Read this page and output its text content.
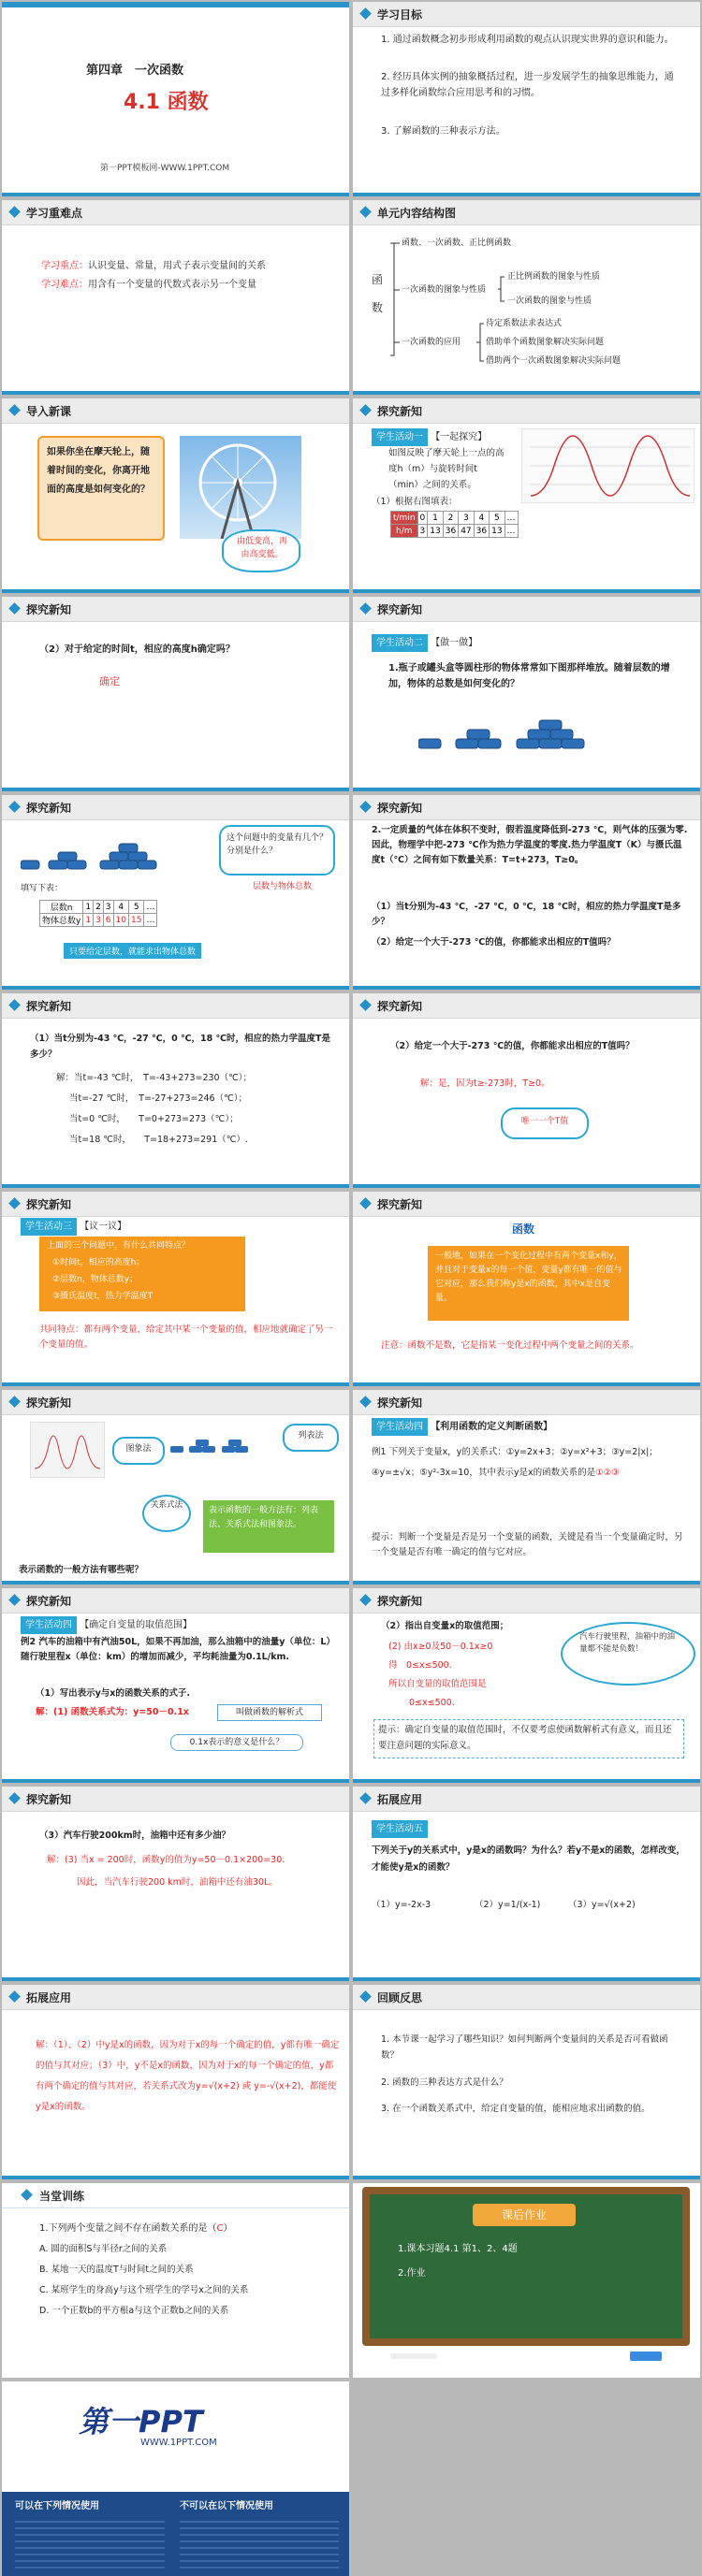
第四章　一次函数
4.1 函数
第一PPT模板网-WWW.1PPT.COM
学习目标
1. 通过函数概念初步形成利用函数的观点认识现实世界的意识和能力。
2. 经历具体实例的抽象概括过程，进一步发展学生的抽象思维能力，通过多样化函数综合应用思考和的习惯。
3. 了解函数的三种表示方法。
学习重难点
学习重点：认识变量、常量，用式子表示变量间的关系
学习难点：用含有一个变量的代数式表示另一个变量
单元内容结构图
函数
函数、一次函数、正比例函数
一次函数的图象与性质
正比例函数的图象与性质
一次函数的图象与性质
一次函数的应用
待定系数法求表达式
借助单个函数图象解决实际问题
借助两个一次函数图象解决实际问题
导入新课
如果你坐在摩天轮上，随着时间的变化，你离开地面的高度是如何变化的？
由低变高，再由高变低。
探究新知
学生活动一 【一起探究】
如图反映了摩天轮上一点的高度h（m）与旋转时间t（min）之间的关系。
（1）根据右图填表：
t/min	0	1	2	3	4	5	…
h/m	3	13	36	47	36	13	…
探究新知
（2）对于给定的时间t，相应的高度h确定吗？
确定
探究新知
学生活动二 【做一做】
1.瓶子或罐头盒等圆柱形的物体常常如下图那样堆放。随着层数的增加，物体的总数是如何变化的？
探究新知
这个问题中的变量有几个？分别是什么？
层数与物体总数
填写下表：
层数n	1	2	3	4	5	…
物体总数y	1	3	6	10	15	…
只要给定层数，就能求出物体总数
探究新知
2.一定质量的气体在体积不变时，假若温度降低到-273 ℃，则气体的压强为零.因此，物理学中把-273 ℃作为热力学温度的零度.热力学温度T（K）与摄氏温度t（℃）之间有如下数量关系：T=t+273，T≥0。
（1）当t分别为-43 ℃，-27 ℃，0 ℃，18 ℃时，相应的热力学温度T是多少？
（2）给定一个大于-273 ℃的值，你都能求出相应的T值吗？
探究新知
（1）当t分别为-43 ℃，-27 ℃，0 ℃，18 ℃时，相应的热力学温度T是多少？
解：当t=-43 ℃时，　T=-43+273=230（℃）；
当t=-27 ℃时，　T=-27+273=246（℃）；
当t=0 ℃时，　　T=0+273=273（℃）；
当t=18 ℃时，　　T=18+273=291（℃）.
探究新知
（2）给定一个大于-273 ℃的值，你都能求出相应的T值吗？
解：是，因为t≥-273时，T≥0。
唯一一个T值
探究新知
学生活动三 【议一议】
上面的三个问题中，有什么共同特点？
①时间t，相应的高度h；
②层数n，物体总数y；
③摄氏温度t，热力学温度T
共同特点：都有两个变量，给定其中某一个变量的值，相应地就确定了另一个变量的值。
探究新知
函数
一般地，如果在一个变化过程中有两个变量x和y，并且对于变量x的每一个值，变量y都有唯一的值与它对应，那么我们称y是x的函数，其中x是自变量。
注意：函数不是数，它是指某一变化过程中两个变量之间的关系。
探究新知
图象法
列表法
关系式法
表示函数的一般方法有：列表法、关系式法和图象法。
表示函数的一般方法有哪些呢？
探究新知
学生活动四 【利用函数的定义判断函数】
例1 下列关于变量x，y的关系式：①y=2x+3；②y=x²+3；③y=2|x|；④y=±√x；⑤y²-3x=10，其中表示y是x的函数关系的是①②③
提示：判断一个变量是否是另一个变量的函数，关键是看当一个变量确定时，另一个变量是否有唯一确定的值与它对应。
探究新知
学生活动四 【确定自变量的取值范围】
例2 汽车的油箱中有汽油50L，如果不再加油，那么油箱中的油量y（单位：L）随行驶里程x（单位：km）的增加而减少，平均耗油量为0.1L/km.
（1）写出表示y与x的函数关系的式子.
解：(1) 函数关系式为：y=50－0.1x	叫做函数的解析式
0.1x表示的意义是什么？
探究新知
（2）指出自变量x的取值范围；
(2) 由x≥0及50－0.1x≥0
得　0≤x≤500.
所以自变量的取值范围是
0≤x≤500.
汽车行驶里程，油箱中的油量都不能是负数！
提示：确定自变量的取值范围时，不仅要考虑使函数解析式有意义，而且还要注意问题的实际意义。
探究新知
（3）汽车行驶200km时，油箱中还有多少油？
解：(3) 当x = 200时，函数y的值为y=50－0.1×200=30.
因此，当汽车行驶200 km时，油箱中还有油30L。
拓展应用
学生活动五
下列关于y的关系式中，y是x的函数吗？为什么？若y不是x的函数，怎样改变，才能使y是x的函数？
（1）y=-2x-3	（2）y=1/(x-1)	（3）y=√(x+2)
拓展应用
解：（1）、（2）中y是x的函数，因为对于x的每一个确定的值，y都有唯一确定的值与其对应；（3）中，y不是x的函数，因为对于x的每一个确定的值，y都有两个确定的值与其对应，若关系式改为y=√(x+2) 或 y=-√(x+2)，都能使y是x的函数。
回顾反思
1. 本节课一起学习了哪些知识？如何判断两个变量间的关系是否可看做函数？
2. 函数的三种表达方式是什么？
3. 在一个函数关系式中，给定自变量的值，能相应地求出函数的值。
当堂训练
1.下列两个变量之间不存在函数关系的是（C）
A. 圆的面积S与半径r之间的关系
B. 某地一天的温度T与时间t之间的关系
C. 某班学生的身高y与这个班学生的学号x之间的关系
D. 一个正数b的平方根a与这个正数b之间的关系
课后作业
1.课本习题4.1 第1、2、4题
2.作业
第一PPT
WWW.1PPT.COM
可以在下列情况使用	不可以在以下情况使用
